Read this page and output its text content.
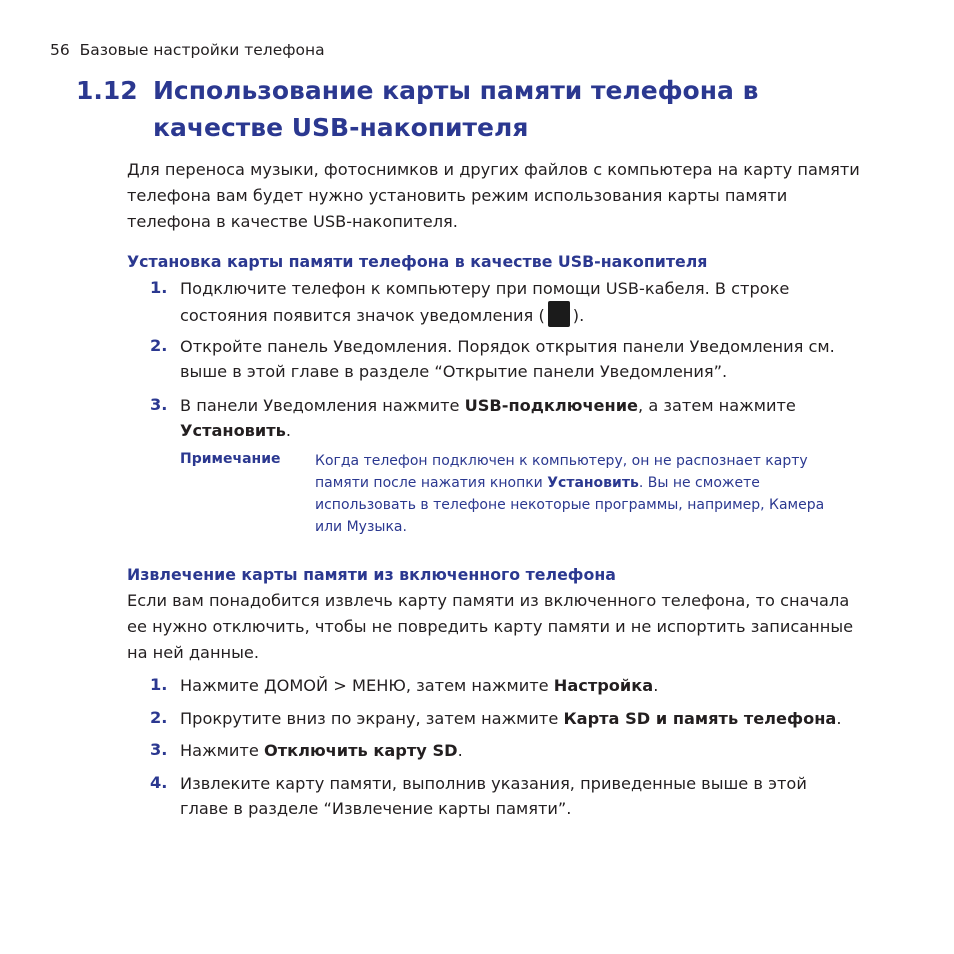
56 Базовые настройки телефона
1.12 Использование карты памяти телефона в качестве USB-накопителя
Для переноса музыки, фотоснимков и других файлов с компьютера на карту памяти телефона вам будет нужно установить режим использования карты памяти телефона в качестве USB-накопителя.
Установка карты памяти телефона в качестве USB-накопителя
1. Подключите телефон к компьютеру при помощи USB-кабеля. В строке состояния появится значок уведомления ( ).
2. Откройте панель Уведомления. Порядок открытия панели Уведомления см. выше в этой главе в разделе “Открытие панели Уведомления”.
3. В панели Уведомления нажмите USB-подключение, а затем нажмите Установить.
Примечание Когда телефон подключен к компьютеру, он не распознает карту памяти после нажатия кнопки Установить. Вы не сможете использовать в телефоне некоторые программы, например, Камера или Музыка.
Извлечение карты памяти из включенного телефона
Если вам понадобится извлечь карту памяти из включенного телефона, то сначала ее нужно отключить, чтобы не повредить карту памяти и не испортить записанные на ней данные.
1. Нажмите ДОМОЙ > МЕНЮ, затем нажмите Настройка.
2. Прокрутите вниз по экрану, затем нажмите Карта SD и память телефона.
3. Нажмите Отключить карту SD.
4. Извлеките карту памяти, выполнив указания, приведенные выше в этой главе в разделе “Извлечение карты памяти”.
